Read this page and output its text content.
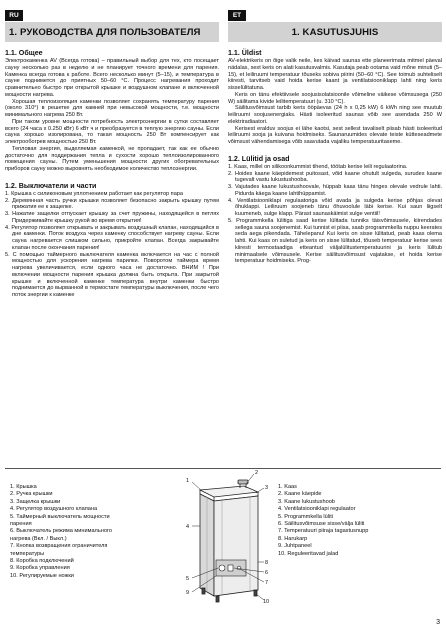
RU	ET
1. РУКОВОДСТВА ДЛЯ ПОЛЬЗОВАТЕЛЯ
1.1. Общее

Электрокаменка AV (Всегда готова) – правильный выбор для тех, кто посещает сауну несколько раз в неделю и не планирует точного времени для парения. Каменка всегда готова к работе. Всего несколько минут (5–15), и температура в сауне поднимется до приятных 50–60 °C. Процесс нагревания проходит сравнительно быстро при открытой крышке и воздушном клапане и включенной мощности нагрева.

Хорошая теплоизоляция каменки позволяет сохранять температуру парения (около 310°) в решетке для камней при невысокой мощности, т.е. мощности минимального нагрева 250 Вт.

При таком уровне мощности потребность электроэнергии в сутки составляет всего (24 часа х 0.250 кВт) 6 кВт ч и преобразуется в теплую энергию сауны. Если сауна хорошо изолирована, то такая мощность 250 Вт компенсирует как электрообогрев мощностью 250 Вт.

Тепловая энергия, выделяемая каменкой, не пропадает, так как ее обычно достаточно для поддержания тепла и сухости хорошо теплоизолированного помещения сауны. Путем уменьшения мощности других обогревательных приборов сауну можно выровнять необходимое количество теплоэнергии.

1.2. Выключатели и части
1. Крышка с силиконовым уплотнением работает как регулятор пара
2. Деревянная часть ручки крышки позволяет безопасно закрыть крышку путем прижатия ее к защелке.
3. Нажатие защелки отпускает крышку за счет пружины, находящейся в петлях Придерживайте крышку рукой во время открытия!
4. Регулятор позволяет открывать и закрывать воздушный клапан, находящийся в дне каменки. Поток воздуха через каменку способствует нагреву сауны. Если сауна нагревается слишком сильно, прикройте клапан. Всегда закрывайте клапан после окончания парения!
5. С помощью таймерного выключателя каменка включается на час с полной мощностью для ускорения нагрева парилки. Поворотом таймера время нагрева увеличивается, если одного часа не достаточно. ВНИМ ! При включении мощности парения крышка должна быть открыта. При закрытой крышке и включенной каменке температура внутри каменки быстро поднимается до вырванной в термостате температуры выключения, после чего поток энергии к каменке
1. KASUTUSJUHIS
1.1. Üldist

AV-elektrikeris on õige valik neile, kes käivad saunas ette planeerimata mitmel päeval nädalas, sest keris on alati kasutusvalmis. Kasutaja peab ootama vaid mõne minuti (5–15), et leiliruumi temperatuur tõuseks sobiva piirini (50–60 °C). See toimub suhteliselt kiiresti, tarvitseb vaid hoida kerise kaant ja ventilatsiooniklapp lahti ning keris sisselülitatuna.

Keris on tänu efektiivsele soojusisolatsioonile võimeline väikese võimsusega (250 W) säilitama kivide leilitemperatuuri (u. 310 °C).

Säilitusvõimsust tarbib keris ööpäevas (24 h x 0,25 kW) 6 kWh ning see muutub leiliruumi soojusenergiaks. Hästi isoleeritud saunas võib see asendada 250 W elektriradiaatori.

Kerisest eralduv soojus ei lähe kaotsi, sest sellest tavaliselt piisab hästi isoleeritud leiliruumi sooja ja kuivana hoidmiseks. Saunaruumides olevate teiste kütteseadmete võimsust vähendamisega võib saavutada vajaliku temperatuuritaseme.

1.2. Lülitid ja osad
1. Kaas, millel on silikoonkummist tihend, töötab kerise leili regulaatorina.
2. Hoides kaane käepidemest puitosast, võid kaane ohutult sulgeda, surudes kaane tugevalt vastu lukustushooba.
3. Vajutades kaane lukustushoovale, hüppab kaas tänu hinges olevale vedrule lahti. Pidurda käega kaane lahtihüppamist.
4. Ventilatsiooniklapi regulaatoriga võid avada ja sulgeda kerise põhjas olevat õhuklappi. Leiliruum soojeneb tänu õhuvoolule läbi kerise. Kui saun liigselt kuumeneb, sulge klapp. Pärast saunaskäimist sulge ventiil!
5. Programmkella lülitiga saad kerise lülitada tunniks täisvõimsusele, kiirendades sellega sauna soojenemist. Kui tunnist ei piisa, saab programmkella nuppu keerates seda aega pikendada. Tähelepanu! Kui keris on sisse lülitatud, peab kaas olema lahti. Kui kaas on suletud ja keris on sisse lülitatud, tõuseb temperatuur kerise sees kiiresti termostaadiga etteantud väljalülitustemperatuurini ja keris lülitub minimaalsele võimsusele. Kerise säilitusvõimsust vajatakse, et hoida kerise temperatuur hoidmiseks. Prog-
1. Крышка
2. Ручка крышки
3. Защелка крышки
4. Регулятор воздушного клапана
5. Таймерный выключатель мощности парения
6. Выключатель режима минимального нагрева (Вкл. / Выкл.)
7. Кнопка возвращения ограничителя температуры
8. Коробка подключений
9. Коробка управления
10. Регулируемые ножки
1. Kaas
2. Kaane käepide
3. Kaane lukustushoob
4. Ventilatsiooniklapi regulaator
5. Programmkella lüliti
6. Säilitusvõimsuse sisse/välja lüliti
7. Temperatuuri piiraja tagastusnupp
8. Harukarp
9. Juhtpaneel
10. Reguleeritavad jalad
2
3
1
4
5
6
7
8
9
10
3
